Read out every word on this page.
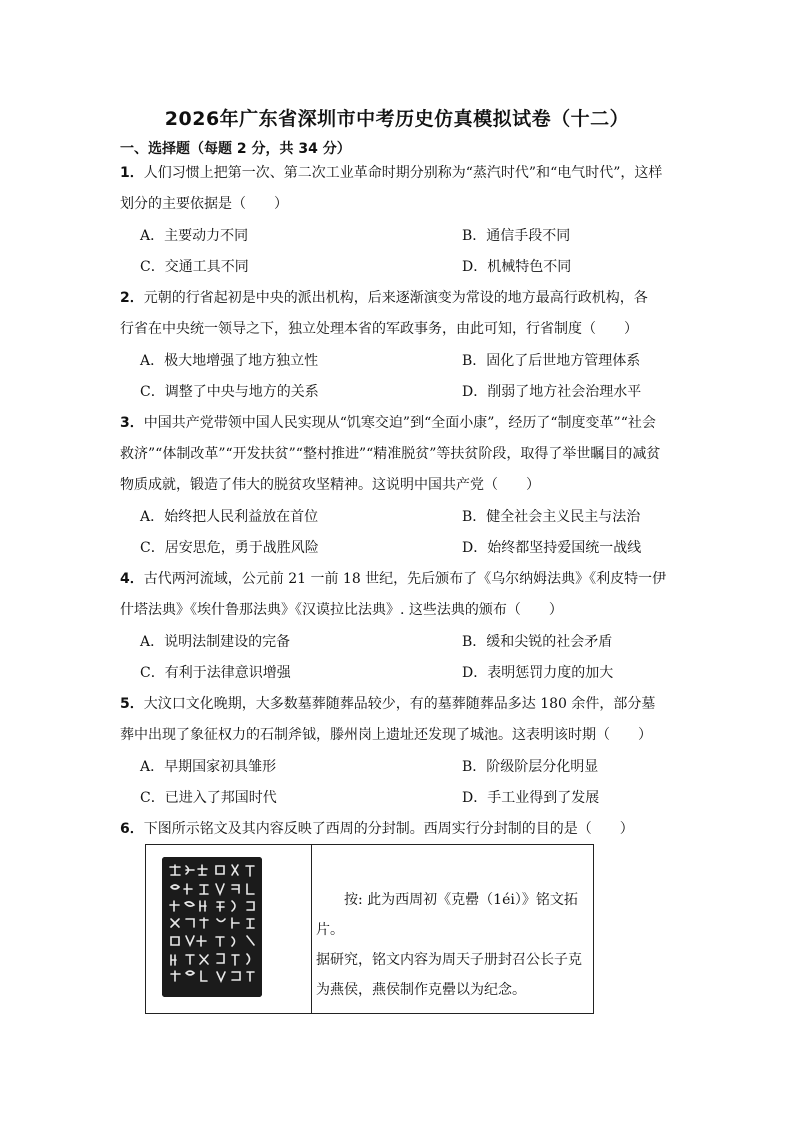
2026年广东省深圳市中考历史仿真模拟试卷（十二）
一、选择题（每题 2 分，共 34 分）
1．人们习惯上把第一次、第二次工业革命时期分别称为“蒸汽时代”和“电气时代”，这样
划分的主要依据是（　　）
A．主要动力不同	B．通信手段不同
C．交通工具不同	D．机械特色不同
2．元朝的行省起初是中央的派出机构，后来逐渐演变为常设的地方最高行政机构，各
行省在中央统一领导之下，独立处理本省的军政事务，由此可知，行省制度（　　）
A．极大地增强了地方独立性	B．固化了后世地方管理体系
C．调整了中央与地方的关系	D．削弱了地方社会治理水平
3．中国共产党带领中国人民实现从“饥寒交迫”到“全面小康”，经历了“制度变革”“社会
救济”“体制改革”“开发扶贫”“整村推进”“精准脱贫”等扶贫阶段，取得了举世瞩目的减贫
物质成就，锻造了伟大的脱贫攻坚精神。这说明中国共产党（　　）
A．始终把人民利益放在首位	B．健全社会主义民主与法治
C．居安思危，勇于战胜风险	D．始终都坚持爱国统一战线
4．古代两河流域，公元前 21 一前 18 世纪，先后颁布了《乌尔纳姆法典》《利皮特一伊
什塔法典》《埃什鲁那法典》《汉谟拉比法典》. 这些法典的颁布（　　）
A．说明法制建设的完备	B．缓和尖锐的社会矛盾
C．有利于法律意识增强	D．表明惩罚力度的加大
5．大汶口文化晚期，大多数墓葬随葬品较少，有的墓葬随葬品多达 180 余件，部分墓
葬中出现了象征权力的石制斧钺，滕州岗上遗址还发现了城池。这表明该时期（　　）
A．早期国家初具雏形	B．阶级阶层分化明显
C．已进入了邦国时代	D．手工业得到了发展
6．下图所示铭文及其内容反映了西周的分封制。西周实行分封制的目的是（　　）
按: 此为西周初《克罍（1éi）》铭文拓片。
据研究，铭文内容为周天子册封召公长子克
为燕侯，燕侯制作克罍以为纪念。
